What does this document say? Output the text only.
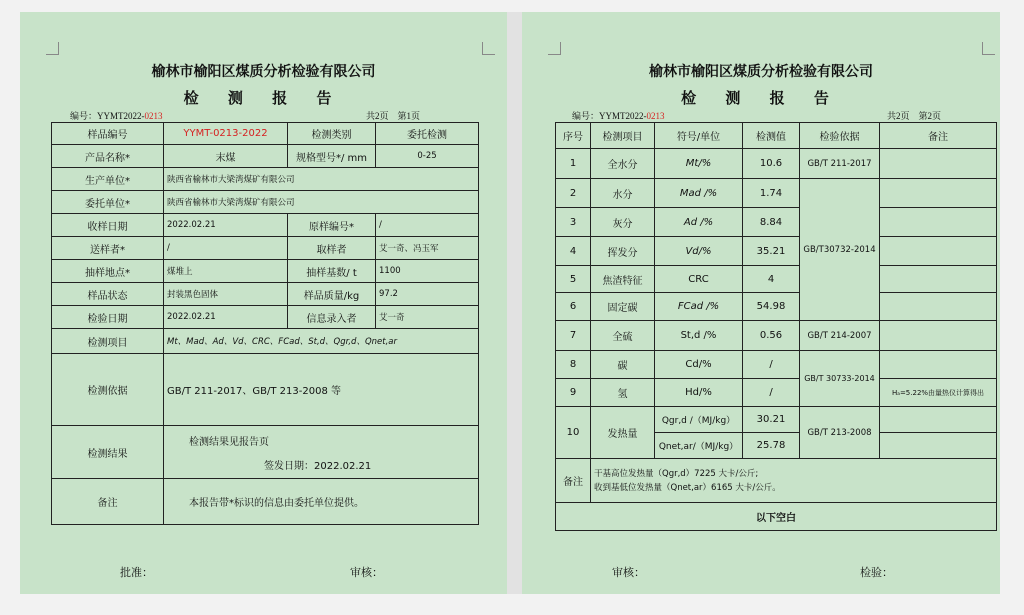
榆林市榆阳区煤质分析检验有限公司
检 测 报 告
编号：YYMT2022-0213	共2页　第1页
样品编号	YYMT-0213-2022	检测类别	委托检测
产品名称*	末煤	规格型号*/ mm	0-25
生产单位*	陕西省榆林市大梁湾煤矿有限公司		
委托单位*	陕西省榆林市大梁湾煤矿有限公司		
收样日期	2022.02.21	原样编号*	/
送样者*	/	取样者	艾一奇、冯玉军
抽样地点*	煤堆上	抽样基数/ t	1100
样品状态	封装黑色固体	样品质量/kg	97.2
检验日期	2022.02.21	信息录入者	艾一奇
检测项目	Mt、Mad、Ad、Vd、CRC、FCad、St,d、Qgr,d、Qnet,ar		
检测依据	GB/T 211-2017、GB/T 213-2008 等		
检测结果	检测结果见报告页
签发日期：2022.02.21		

备注	本报告带*标识的信息由委托单位提供。		
批准：	审核：
榆林市榆阳区煤质分析检验有限公司
检 测 报 告
编号：YYMT2022-0213	共2页　第2页
序号	检测项目	符号/单位	检测值	检验依据	备注
1	全水分	Mt/%	10.6	GB/T 211-2017	
2	水分	Mad /%	1.74	GB/T30732-2014	
3	灰分	Ad /%	8.84		
4	挥发分	Vd/%	35.21		
5	焦渣特征	CRC	4		
6	固定碳	FCad /%	54.98		
7	全硫	St,d /%	0.56	GB/T 214-2007	
8	碳	Cd/%	/	GB/T 30733-2014	
9	氢	Hd/%	/		Hₐ=5.22%由量热仪计算得出
10	发热量	Qgr,d /（MJ/kg）	30.21	GB/T 213-2008	
		Qnet,ar/（MJ/kg）	25.78		
备注	干基高位发热量（Qgr,d）7225 大卡/公斤;
收到基低位发热量（Qnet,ar）6165 大卡/公斤。				

以下空白					
审核：	检验：
